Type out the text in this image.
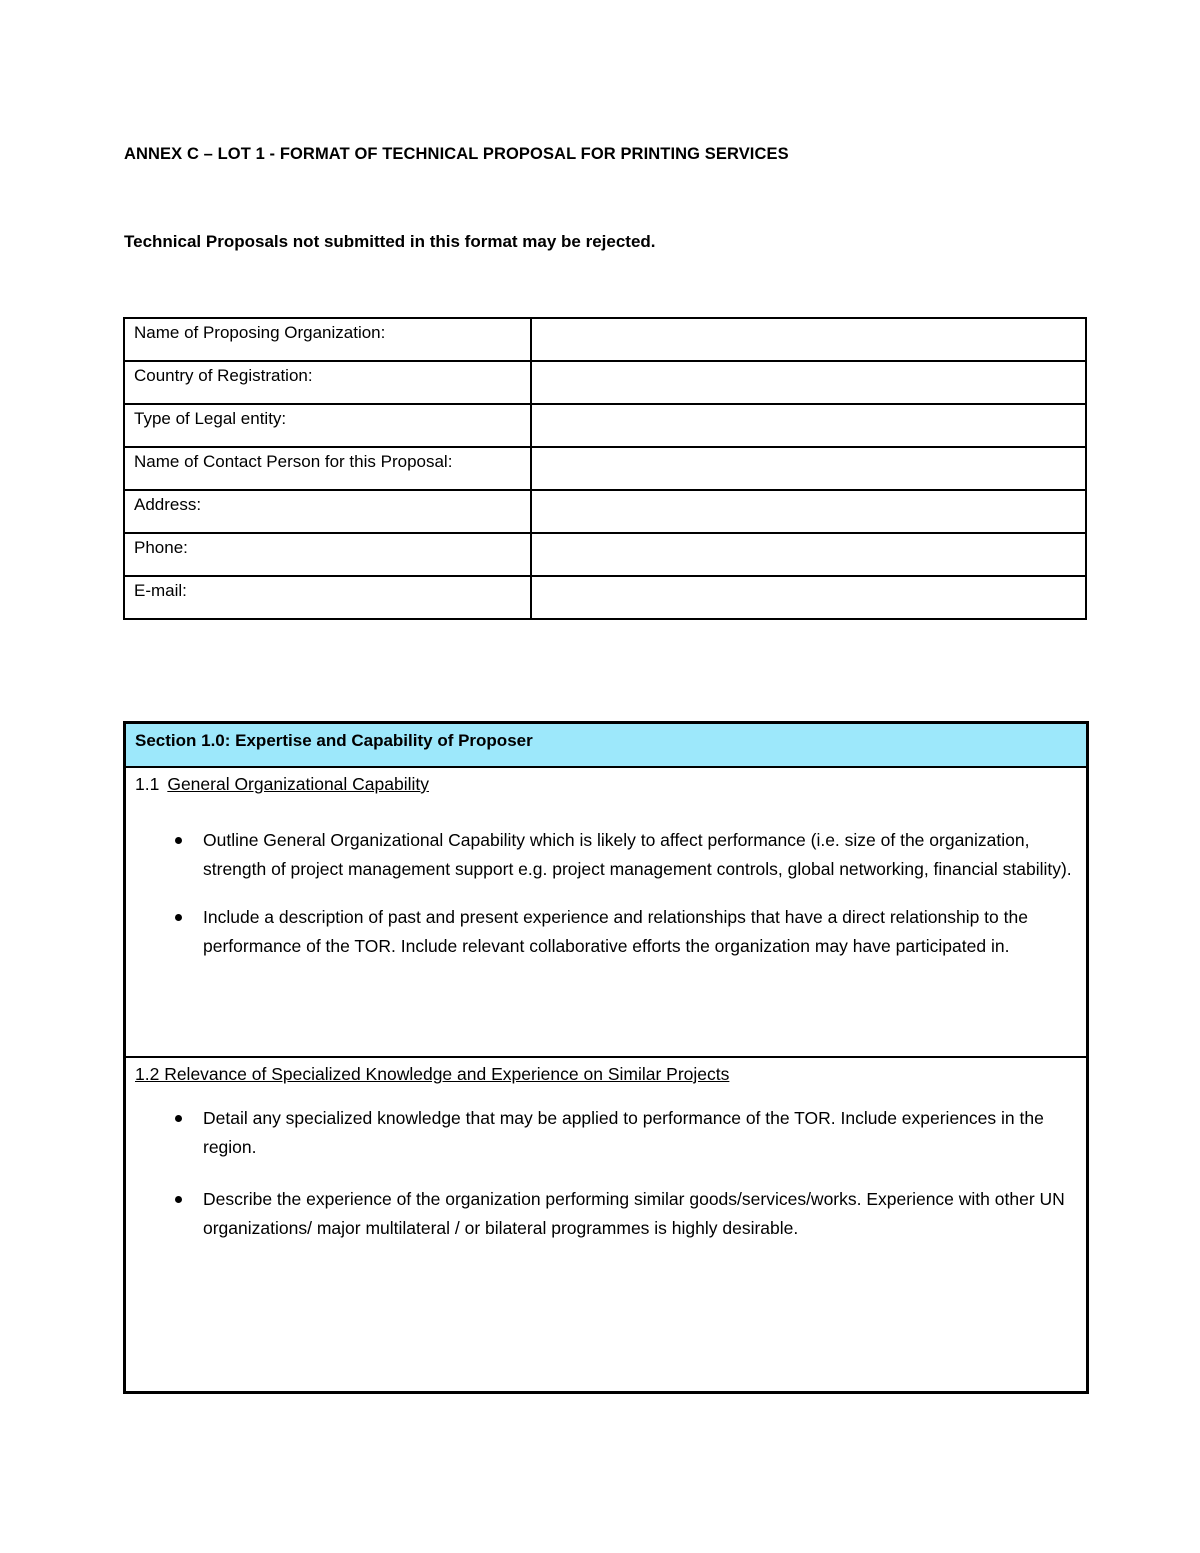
ANNEX C – LOT 1 - FORMAT OF TECHNICAL PROPOSAL FOR PRINTING SERVICES
Technical Proposals not submitted in this format may be rejected.
Name of Proposing Organization:	
Country of Registration:	
Type of Legal entity:	
Name of Contact Person for this Proposal:	
Address:	
Phone:	
E-mail:	
Section 1.0: Expertise and Capability of Proposer
1.1 General Organizational Capability
Outline General Organizational Capability which is likely to affect performance (i.e. size of the organization, strength of project management support e.g. project management controls, global networking, financial stability).
Include a description of past and present experience and relationships that have a direct relationship to the performance of the TOR. Include relevant collaborative efforts the organization may have participated in.
1.2 Relevance of Specialized Knowledge and Experience on Similar Projects
Detail any specialized knowledge that may be applied to performance of the TOR. Include experiences in the region.
Describe the experience of the organization performing similar goods/services/works. Experience with other UN organizations/ major multilateral / or bilateral programmes is highly desirable.
